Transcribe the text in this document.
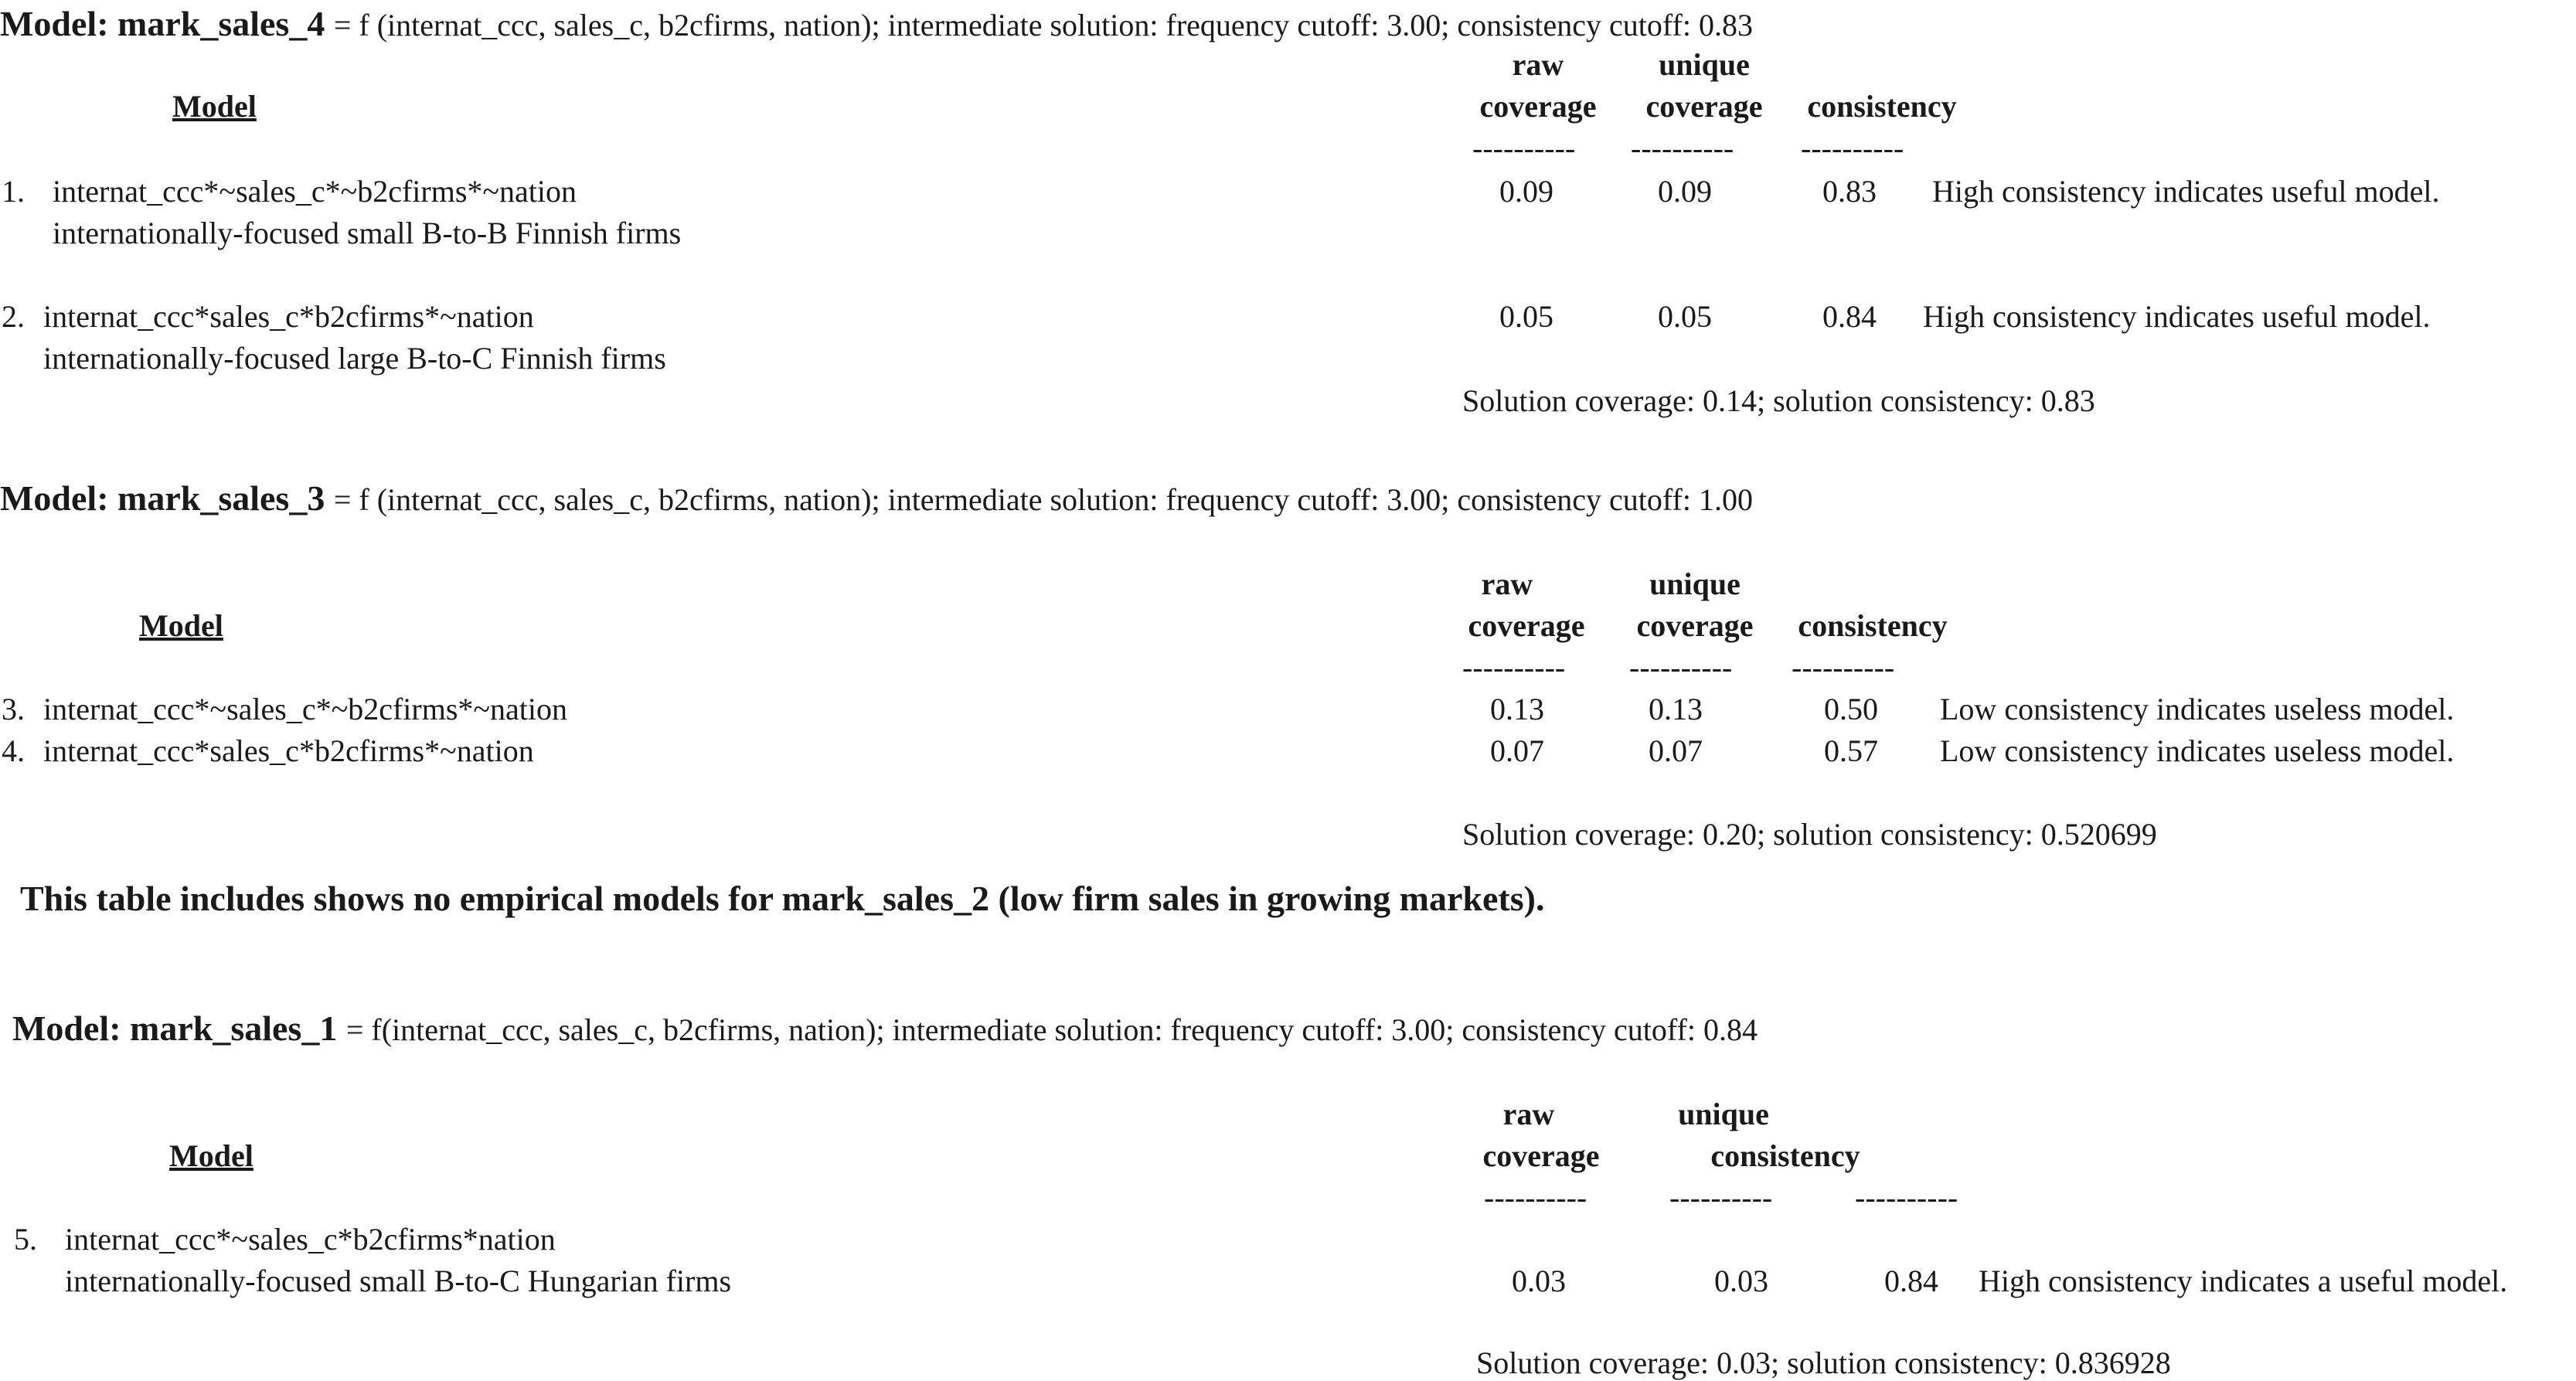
Model: mark_sales_4 = f (internat_ccc, sales_c, b2cfirms, nation); intermediate solution: frequency cutoff: 3.00; consistency cutoff: 0.83
raw	unique
Model	coverage	coverage	consistency
---------- ---------- ----------
1. internat_ccc*~sales_c*~b2cfirms*~nation
internationally-focused small B-to-B Finnish firms
0.09	0.09	0.83	High consistency indicates useful model.
2. internat_ccc*sales_c*b2cfirms*~nation
internationally-focused large B-to-C Finnish firms
0.05	0.05	0.84	High consistency indicates useful model.
Solution coverage: 0.14; solution consistency: 0.83
Model: mark_sales_3 = f (internat_ccc, sales_c, b2cfirms, nation); intermediate solution: frequency cutoff: 3.00; consistency cutoff: 1.00
raw	unique
Model	coverage	coverage	consistency
---------- ---------- ----------
3. internat_ccc*~sales_c*~b2cfirms*~nation	0.13	0.13	0.50	Low consistency indicates useless model.
4. internat_ccc*sales_c*b2cfirms*~nation	0.07	0.07	0.57	Low consistency indicates useless model.
Solution coverage: 0.20; solution consistency: 0.520699
This table includes shows no empirical models for mark_sales_2 (low firm sales in growing markets).
Model: mark_sales_1 = f(internat_ccc, sales_c, b2cfirms, nation); intermediate solution: frequency cutoff: 3.00; consistency cutoff: 0.84
raw	unique
Model	coverage	consistency
----------	----------	----------
5. internat_ccc*~sales_c*b2cfirms*nation
internationally-focused small B-to-C Hungarian firms	0.03	0.03	0.84	High consistency indicates a useful model.
Solution coverage: 0.03; solution consistency: 0.836928
